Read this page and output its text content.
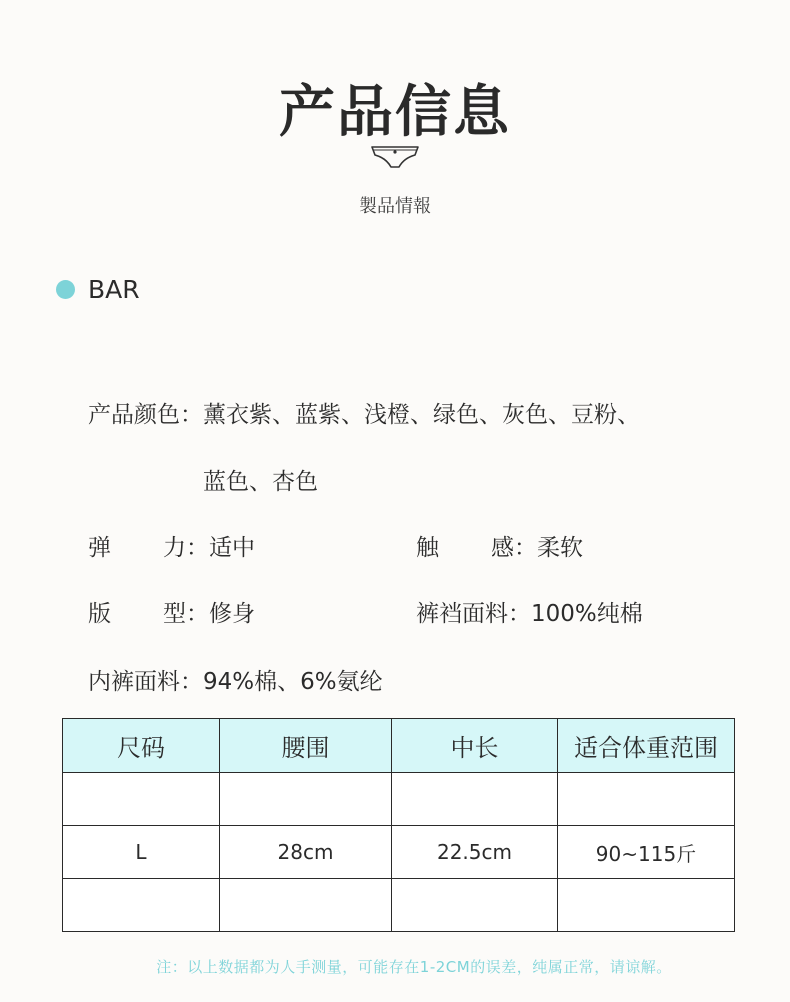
产品信息
製品情報
BAR
产品颜色：薰衣紫、蓝紫、浅橙、绿色、灰色、豆粉、
蓝色、杏色
弹 力：适中	触 感：柔软
版 型：修身	裤裆面料：100%纯棉
内裤面料：94%棉、6%氨纶
尺码	腰围	中长	适合体重范围

L	28cm	22.5cm	90~115斤

注：以上数据都为人手测量，可能存在1-2CM的误差，纯属正常，请谅解。
